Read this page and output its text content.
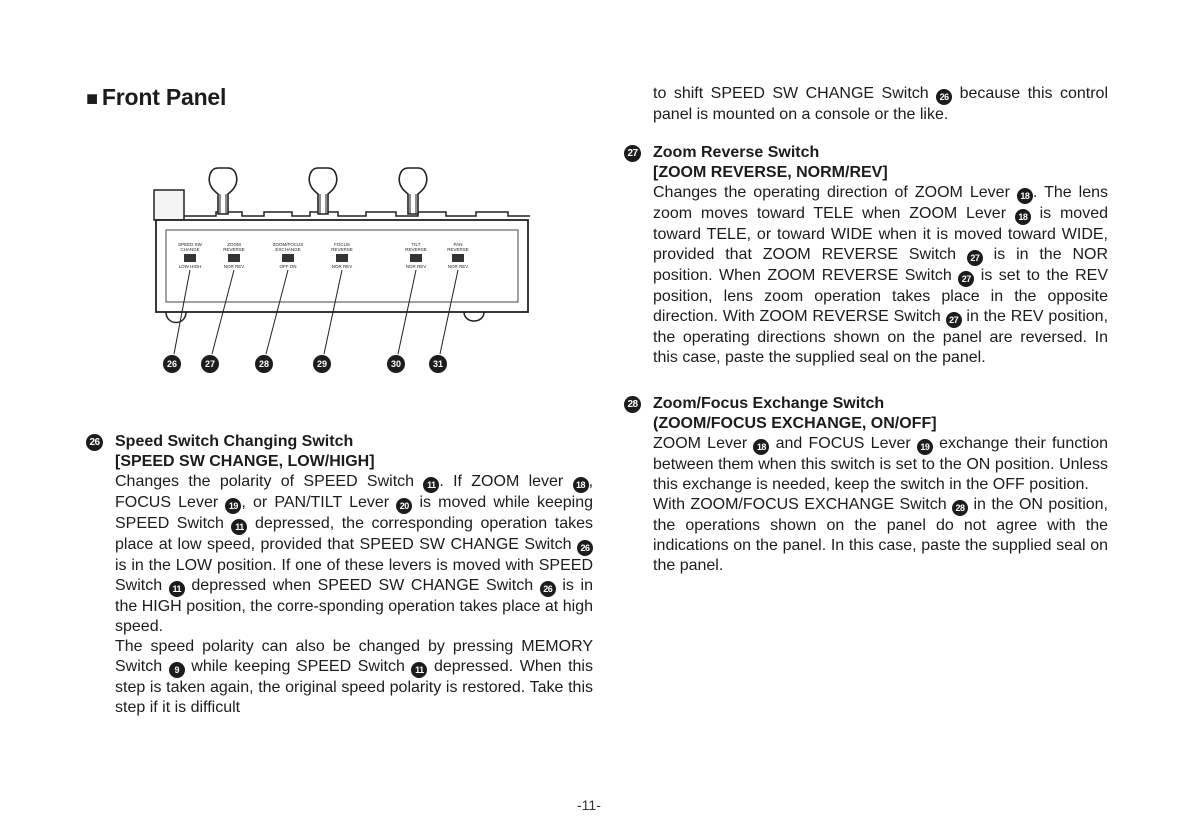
■ Front Panel
SPEED SW
CHANGE
LOW HIGH
ZOOM
REVERSE
NOR REV
ZOOM/FOCUS
EXCHANGE
OFF ON
FOCUS
REVERSE
NOR REV
TILT
REVERSE
NOR REV
PAN
REVERSE
NOR REV
26	27	28	29	30	31
26 Speed Switch Changing Switch
[SPEED SW CHANGE, LOW/HIGH]
Changes the polarity of SPEED Switch 11 . If ZOOM lever 18 , FOCUS Lever 19 , or PAN/TILT Lever 20 is moved while keeping SPEED Switch 11 depressed, the corresponding operation takes place at low speed, provided that SPEED SW CHANGE Switch 26 is in the LOW position. If one of these levers is moved with SPEED Switch 11 depressed when SPEED SW CHANGE Switch 26 is in the HIGH position, the corre-sponding operation takes place at high speed.
The speed polarity can also be changed by pressing MEMORY Switch 9 while keeping SPEED Switch 11 depressed. When this step is taken again, the original speed polarity is restored. Take this step if it is difficult
to shift SPEED SW CHANGE Switch 26 because this control panel is mounted on a console or the like.
27 Zoom Reverse Switch
[ZOOM REVERSE, NORM/REV]
Changes the operating direction of ZOOM Lever 18 . The lens zoom moves toward TELE when ZOOM Lever 18 is moved toward TELE, or toward WIDE when it is moved toward WIDE, provided that ZOOM REVERSE Switch 27 is in the NOR position. When ZOOM REVERSE Switch 27 is set to the REV position, lens zoom operation takes place in the opposite direction. With ZOOM REVERSE Switch 27 in the REV position, the operating directions shown on the panel are reversed. In this case, paste the supplied seal on the panel.
28 Zoom/Focus Exchange Switch
(ZOOM/FOCUS EXCHANGE, ON/OFF]
ZOOM Lever 18 and FOCUS Lever 19 exchange their function between them when this switch is set to the ON position. Unless this exchange is needed, keep the switch in the OFF position.
With ZOOM/FOCUS EXCHANGE Switch 28 in the ON position, the operations shown on the panel do not agree with the indications on the panel. In this case, paste the supplied seal on the panel.
-11-
